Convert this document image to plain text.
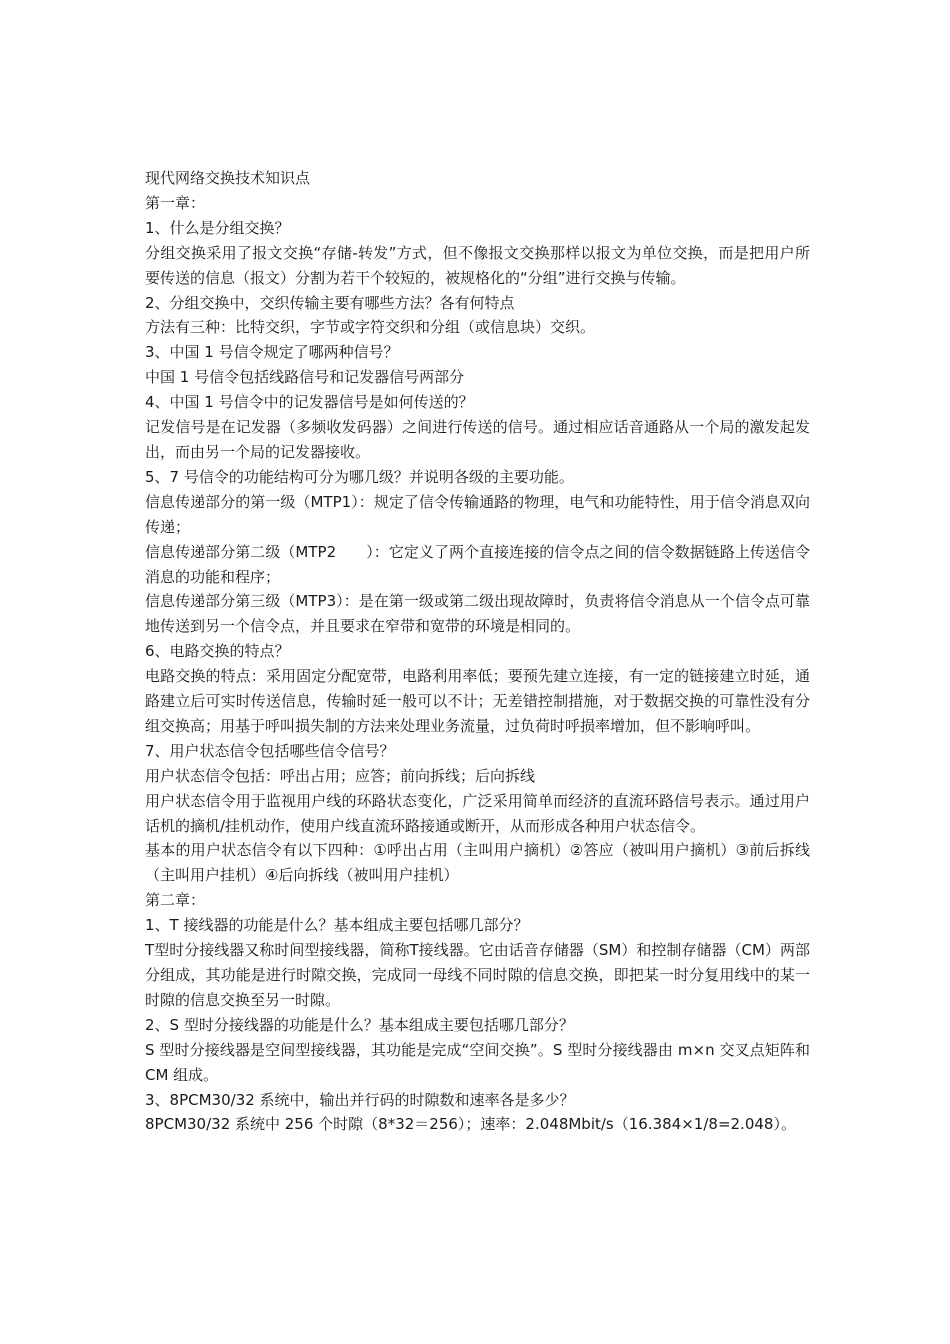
现代网络交换技术知识点

第一章：

1、什么是分组交换？

分组交换采用了报文交换“存储-转发”方式，但不像报文交换那样以报文为单位交换，而是把用户所要传送的信息（报文）分割为若干个较短的，被规格化的“分组”进行交换与传输。

2、分组交换中，交织传输主要有哪些方法？各有何特点

方法有三种：比特交织，字节或字符交织和分组（或信息块）交织。

3、中国 1 号信令规定了哪两种信号？

中国 1 号信令包括线路信号和记发器信号两部分

4、中国 1 号信令中的记发器信号是如何传送的？

记发信号是在记发器（多频收发码器）之间进行传送的信号。通过相应话音通路从一个局的激发起发出，而由另一个局的记发器接收。

5、7 号信令的功能结构可分为哪几级？并说明各级的主要功能。

信息传递部分的第一级（MTP1）：规定了信令传输通路的物理，电气和功能特性，用于信令消息双向传递；

信息传递部分第二级（MTP2　　）：它定义了两个直接连接的信令点之间的信令数据链路上传送信令消息的功能和程序；

信息传递部分第三级（MTP3）：是在第一级或第二级出现故障时，负责将信令消息从一个信令点可靠地传送到另一个信令点，并且要求在窄带和宽带的环境是相同的。

6、电路交换的特点？

电路交换的特点：采用固定分配宽带，电路利用率低；要预先建立连接，有一定的链接建立时延，通路建立后可实时传送信息，传输时延一般可以不计；无差错控制措施，对于数据交换的可靠性没有分组交换高；用基于呼叫损失制的方法来处理业务流量，过负荷时呼损率增加，但不影响呼叫。

7、用户状态信令包括哪些信令信号？

用户状态信令包括：呼出占用；应答；前向拆线；后向拆线

用户状态信令用于监视用户线的环路状态变化，广泛采用简单而经济的直流环路信号表示。通过用户话机的摘机/挂机动作，使用户线直流环路接通或断开，从而形成各种用户状态信令。

基本的用户状态信令有以下四种：①呼出占用（主叫用户摘机）②答应（被叫用户摘机）③前后拆线（主叫用户挂机）④后向拆线（被叫用户挂机）

第二章：

1、T 接线器的功能是什么？基本组成主要包括哪几部分？

T型时分接线器又称时间型接线器，简称T接线器。它由话音存储器（SM）和控制存储器（CM）两部分组成，其功能是进行时隙交换，完成同一母线不同时隙的信息交换，即把某一时分复用线中的某一时隙的信息交换至另一时隙。

2、S 型时分接线器的功能是什么？基本组成主要包括哪几部分？

S 型时分接线器是空间型接线器，其功能是完成“空间交换”。S 型时分接线器由 m×n 交叉点矩阵和 CM 组成。

3、8PCM30/32 系统中，输出并行码的时隙数和速率各是多少？

8PCM30/32 系统中 256 个时隙（8*32＝256）；速率：2.048Mbit/s（16.384×1/8=2.048）。
